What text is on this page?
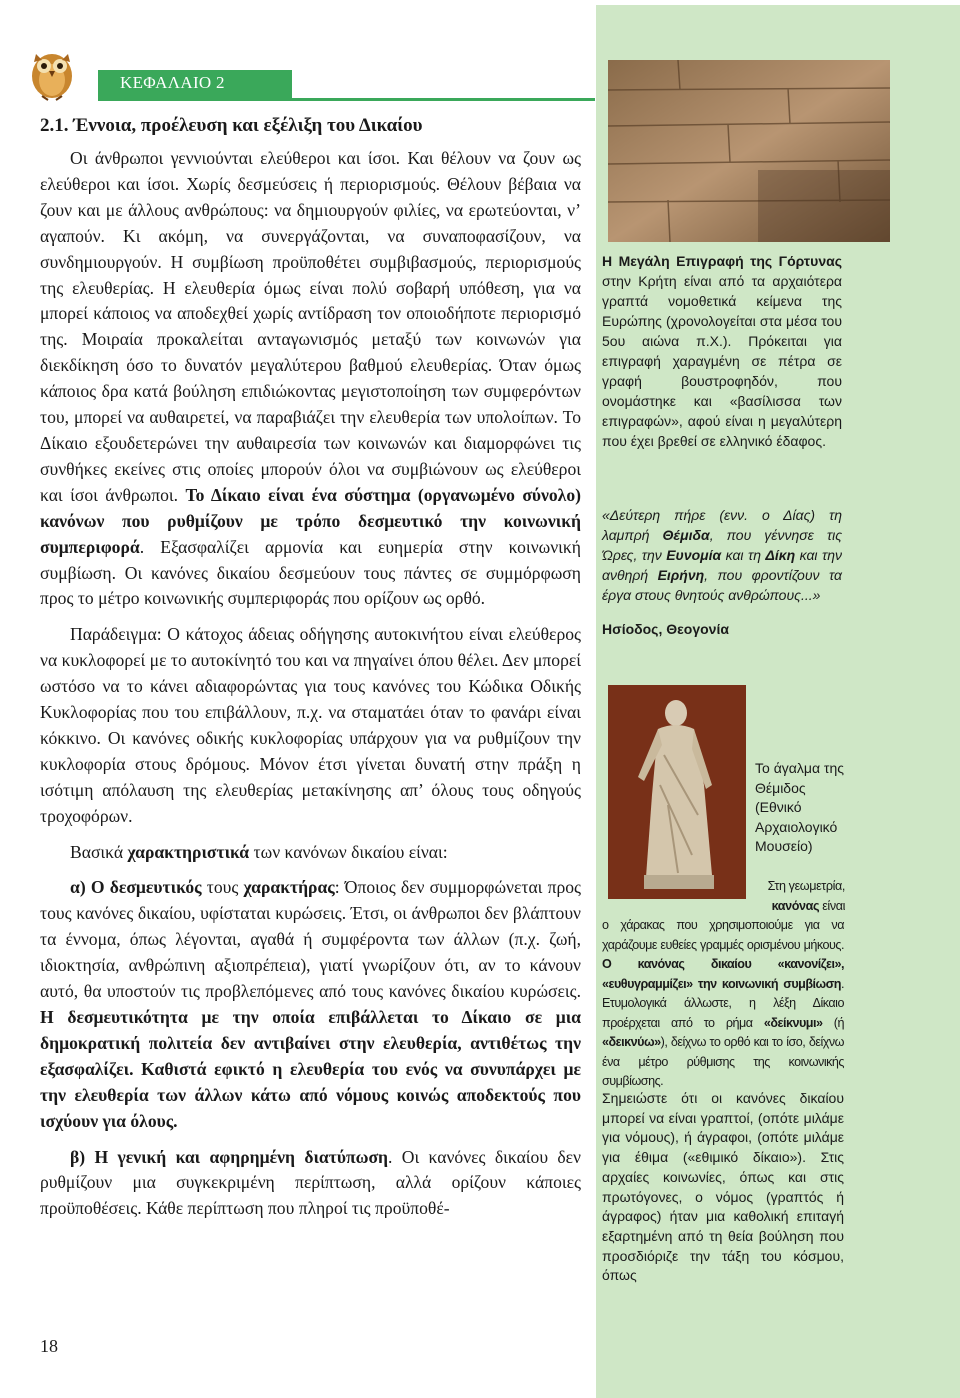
ΚΕΦΑΛΑΙΟ 2
2.1. Έννοια, προέλευση και εξέλιξη του Δικαίου

Οι άνθρωποι γεννιούνται ελεύθεροι και ίσοι. Και θέλουν να ζουν ως ελεύθεροι και ίσοι. Χωρίς δεσμεύσεις ή περιορισμούς. Θέλουν βέβαια να ζουν και με άλλους ανθρώπους: να δημιουργούν φιλίες, να ερωτεύονται, ν’ αγαπούν. Κι ακόμη, να συνεργάζονται, να συναποφασίζουν, να συνδημιουργούν. Η συμβίωση προϋποθέτει συμβιβασμούς, περιορισμούς της ελευθερίας. Η ελευθερία όμως είναι πολύ σοβαρή υπόθεση, για να μπορεί κάποιος να αποδεχθεί χωρίς αντίδραση τον οποιοδήποτε περιορισμό της. Μοιραία προκαλείται ανταγωνισμός μεταξύ των κοινωνών για διεκδίκηση όσο το δυνατόν μεγαλύτερου βαθμού ελευθερίας. Όταν όμως κάποιος δρα κατά βούληση επιδιώκοντας μεγιστοποίηση των συμφερόντων του, μπορεί να αυθαιρετεί, να παραβιάζει την ελευθερία των υπολοίπων. Το Δίκαιο εξουδετερώνει την αυθαιρεσία των κοινωνών και διαμορφώνει τις συνθήκες εκείνες στις οποίες μπορούν όλοι να συμβιώνουν ως ελεύθεροι και ίσοι άνθρωποι. Το Δίκαιο είναι ένα σύστημα (οργανωμένο σύνολο) κανόνων που ρυθμίζουν με τρόπο δεσμευτικό την κοινωνική συμπεριφορά. Εξασφαλίζει αρμονία και ευημερία στην κοινωνική συμβίωση. Οι κανόνες δικαίου δεσμεύουν τους πάντες σε συμμόρφωση προς το μέτρο κοινωνικής συμπεριφοράς που ορίζουν ως ορθό.

Παράδειγμα: Ο κάτοχος άδειας οδήγησης αυτοκινήτου είναι ελεύθερος να κυκλοφορεί με το αυτοκίνητό του και να πηγαίνει όπου θέλει. Δεν μπορεί ωστόσο να το κάνει αδιαφορώντας για τους κανόνες του Κώδικα Οδικής Κυκλοφορίας που του επιβάλλουν, π.χ. να σταματάει όταν το φανάρι είναι κόκκινο. Οι κανόνες οδικής κυκλοφορίας υπάρχουν για να ρυθμίζουν την κυκλοφορία στους δρόμους. Μόνον έτσι γίνεται δυνατή στην πράξη η ισότιμη απόλαυση της ελευθερίας μετακίνησης απ’ όλους τους οδηγούς τροχοφόρων.

Βασικά χαρακτηριστικά των κανόνων δικαίου είναι:

α) Ο δεσμευτικός τους χαρακτήρας: Όποιος δεν συμμορφώνεται προς τους κανόνες δικαίου, υφίσταται κυρώσεις. Έτσι, οι άνθρωποι δεν βλάπτουν τα έννομα, όπως λέγονται, αγαθά ή συμφέροντα των άλλων (π.χ. ζωή, ιδιοκτησία, ανθρώπινη αξιοπρέπεια), γιατί γνωρίζουν ότι, αν το κάνουν αυτό, θα υποστούν τις προβλεπόμενες από τους κανόνες δικαίου κυρώσεις. Η δεσμευτικότητα με την οποία επιβάλλεται το Δίκαιο σε μια δημοκρατική πολιτεία δεν αντιβαίνει στην ελευθερία, αντιθέτως την εξασφαλίζει. Καθιστά εφικτό η ελευθερία του ενός να συνυπάρχει με την ελευθερία των άλλων κάτω από νόμους κοινώς αποδεκτούς που ισχύουν για όλους.

β) Η γενική και αφηρημένη διατύπωση. Οι κανόνες δικαίου δεν ρυθμίζουν μια συγκεκριμένη περίπτωση, αλλά ορίζουν κάποιες προϋποθέσεις. Κάθε περίπτωση που πληροί τις προϋποθέ-

Η Μεγάλη Επιγραφή της Γόρτυνας στην Κρήτη είναι από τα αρχαιότερα γραπτά νομοθετικά κείμενα της Ευρώπης (χρονολογείται στα μέσα του 5ου αιώνα π.Χ.). Πρόκειται για επιγραφή χαραγμένη σε πέτρα σε γραφή βουστροφηδόν, που ονομάστηκε και «βασίλισσα των επιγραφών», αφού είναι η μεγαλύτερη που έχει βρεθεί σε ελληνικό έδαφος.
«Δεύτερη πήρε (ενν. ο Δίας) τη λαμπρή Θέμιδα, που γέννησε τις Ώρες, την Ευνομία και τη Δίκη και την ανθηρή Ειρήνη, που φροντίζουν τα έργα στους θνητούς ανθρώπους...»
Ησίοδος, Θεογονία
Το άγαλμα της Θέμιδος (Εθνικό Αρχαιολογικό Μουσείο)
Στη γεωμετρία, κανόνας είναι
ο χάρακας που χρησιμοποιούμε για να χαράζουμε ευθείες γραμμές ορισμένου μήκους. Ο κανόνας δικαίου «κανονίζει», «ευθυγραμμίζει» την κοινωνική συμβίωση. Ετυμολογικά άλλωστε, η λέξη Δίκαιο προέρχεται από το ρήμα «δείκνυμι» (ή «δεικνύω»), δείχνω το ορθό και το ίσο, δείχνω ένα μέτρο ρύθμισης της κοινωνικής συμβίωσης.
Σημειώστε ότι οι κανόνες δικαίου μπορεί να είναι γραπτοί, (οπότε μιλάμε για νόμους), ή άγραφοι, (οπότε μιλάμε για έθιμα («εθιμικό δίκαιο»). Στις αρχαίες κοινωνίες, όπως και στις πρωτόγονες, ο νόμος (γραπτός ή άγραφος) ήταν μια καθολική επιταγή εξαρτημένη από τη θεία βούληση που προσδιόριζε την τάξη του κόσμου, όπως
18
